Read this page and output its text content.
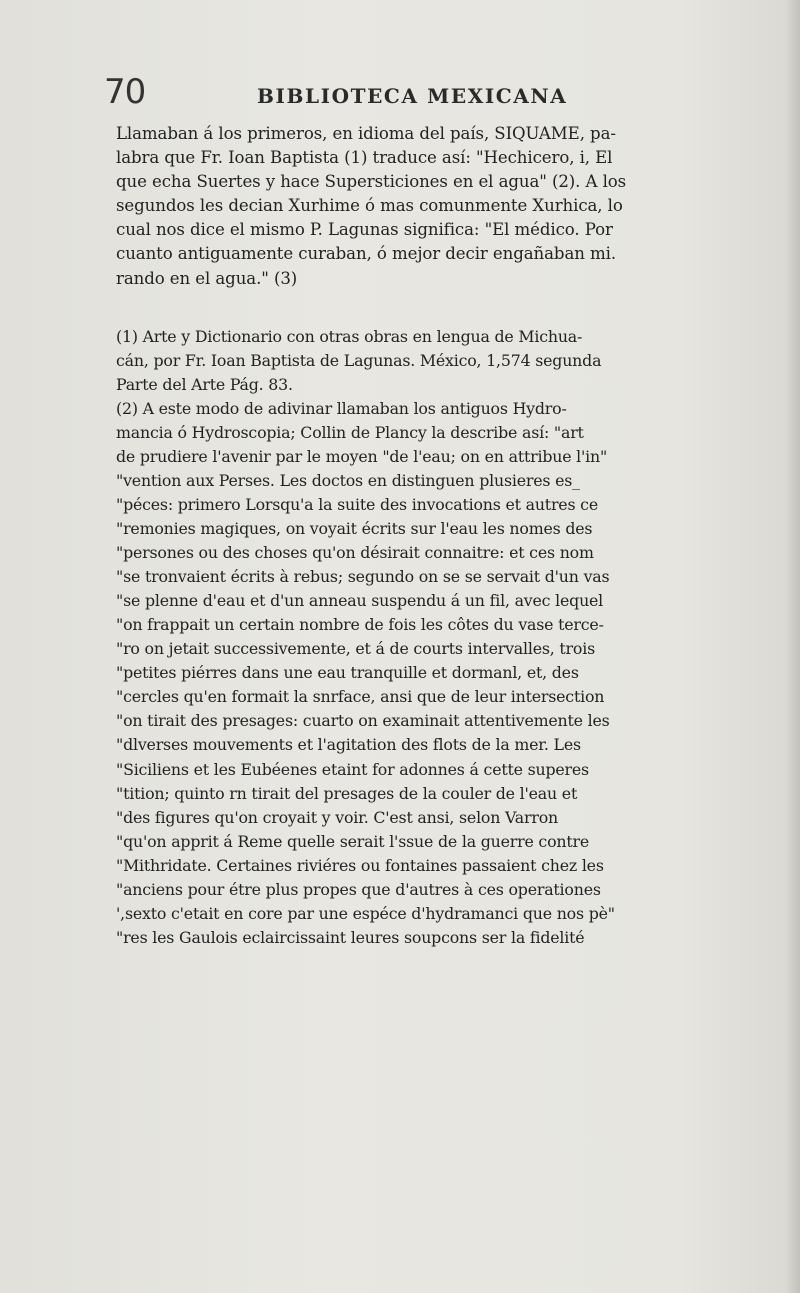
70	BIBLIOTECA MEXICANA
Llamaban á los primeros, en idioma del país, SIQUAME, pa-
labra que Fr. Ioan Baptista (1) traduce así: "Hechicero, i, El
que echa Suertes y hace Supersticiones en el agua" (2). A los
segundos les decian Xurhime ó mas comunmente Xurhica, lo
cual nos dice el mismo P. Lagunas significa: "El médico. Por
cuanto antiguamente curaban, ó mejor decir engañaban mi.
rando en el agua." (3)
(1) Arte y Dictionario con otras obras en lengua de Michua-
cán, por Fr. Ioan Baptista de Lagunas. México, 1,574 segunda
Parte del Arte Pág. 83.
(2) A este modo de adivinar llamaban los antiguos Hydro-
mancia ó Hydroscopia; Collin de Plancy la describe así: "art
de prudiere l'avenir par le moyen "de l'eau; on en attribue l'in"
"vention aux Perses. Les doctos en distinguen plusieres es_
"péces: primero Lorsqu'a la suite des invocations et autres ce
"remonies magiques, on voyait écrits sur l'eau les nomes des
"persones ou des choses qu'on désirait connaitre: et ces nom
"se tronvaient écrits à rebus; segundo on se se servait d'un vas
"se plenne d'eau et d'un anneau suspendu á un fil, avec lequel
"on frappait un certain nombre de fois les côtes du vase terce-
"ro on jetait successivemente, et á de courts intervalles, trois
"petites piérres dans une eau tranquille et dormanl, et, des
"cercles qu'en formait la snrface, ansi que de leur intersection
"on tirait des presages: cuarto on examinait attentivemente les
"dlverses mouvements et l'agitation des flots de la mer. Les
"Siciliens et les Eubéenes etaint for adonnes á cette superes
"tition; quinto rn tirait del presages de la couler de l'eau et
"des figures qu'on croyait y voir. C'est ansi, selon Varron
"qu'on apprit á Reme quelle serait l'ssue de la guerre contre
"Mithridate. Certaines riviéres ou fontaines passaient chez les
"anciens pour étre plus propes que d'autres à ces operationes
',sexto c'etait en core par une espéce d'hydramanci que nos pè"
"res les Gaulois eclaircissaint leures soupcons ser la fidelité
